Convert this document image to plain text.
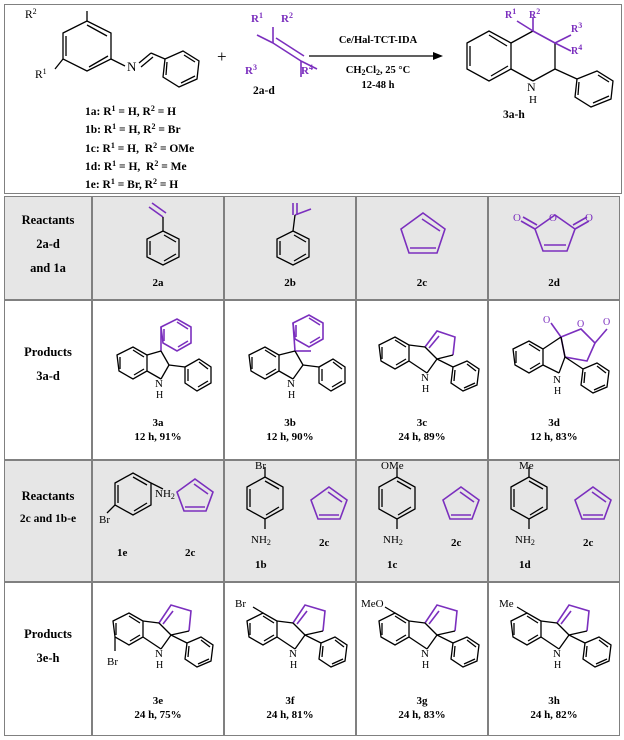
N
$R^2$
$R^1$
1a: $R^1 = H$, $R^2 = H$
1b: $R^1 = H$, $R^2 = Br$
1c: $R^1 = H$,  $R^2$ = OMe
1d: $R^1 = H$,  $R^2 = Me$
1e: $R^1 = Br$, $R^2 = H$
+
$R^1$ $R^2$
$R^3$	$R^4$
2a-d
Ce/Hal-TCT-IDA
$CH_2Cl_2$, 25 °C
12-48 h	N
H
$R^1$ $R^2$
$R^3$
$R^4$
3a-h
Reactants
2a-d
and 1a
2a	2b	2c
O
O	O
2d
Products
3a-d
N
H
3a
12 h, 91%
N
H
3b
12 h, 90%
N
H
3c
24 h, 89%
O	O
O
N
H
3d
12 h, 83%
Reactants
2c and 1b-e
NH2
Br
1e	2c
Br
NH2
1b
2c
OMe
NH2
1c
2c
Me
NH2
1d
2c
Products
3e-h	Br
N
H
3e
24 h, 75%
Br
N
H
3f
24 h, 81%
MeO
N
H
3g
24 h, 83%
Me
N
H
3h
24 h, 82%
